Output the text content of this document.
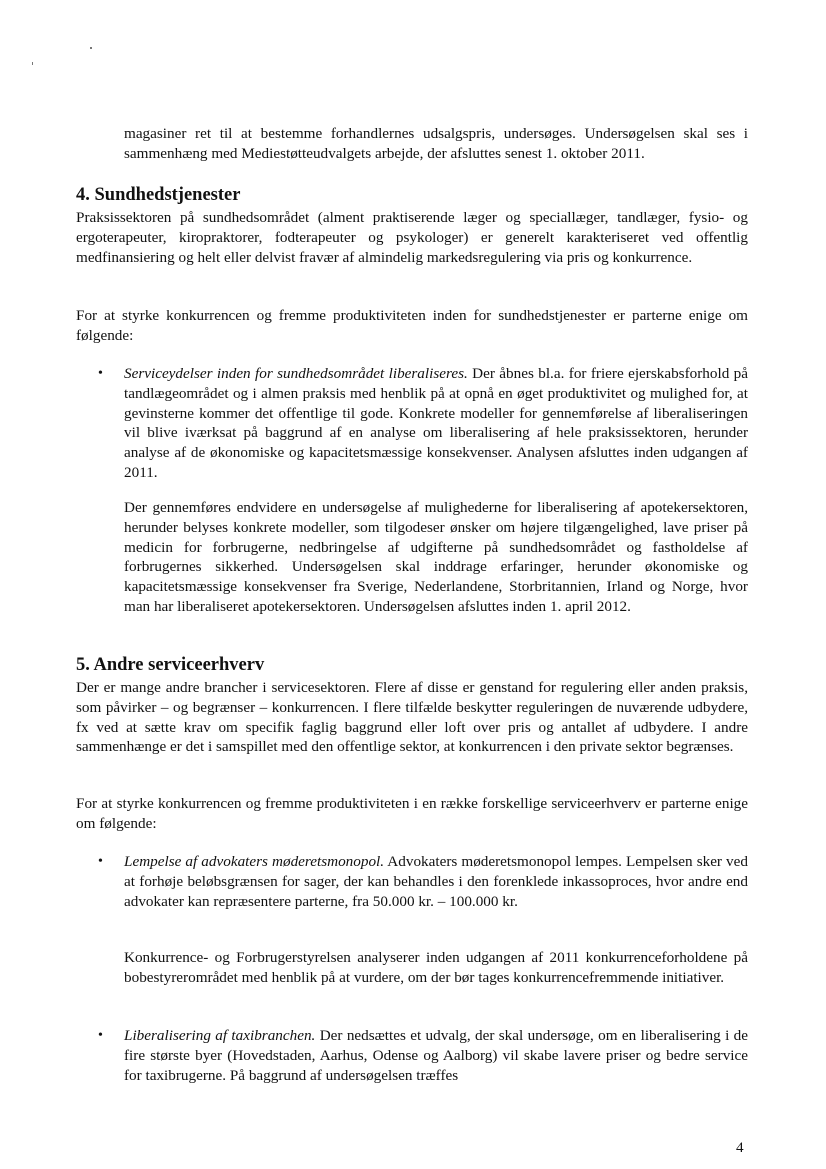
magasiner ret til at bestemme forhandlernes udsalgspris, undersøges. Undersøgelsen skal ses i sammenhæng med Mediestøtteudvalgets arbejde, der afsluttes senest 1. oktober 2011.
4. Sundhedstjenester
Praksissektoren på sundhedsområdet (alment praktiserende læger og speciallæger, tandlæger, fysio- og ergoterapeuter, kiropraktorer, fodterapeuter og psykologer) er generelt karakteriseret ved offentlig medfinansiering og helt eller delvist fravær af almindelig markedsregulering via pris og konkurrence.
For at styrke konkurrencen og fremme produktiviteten inden for sundhedstjenester er parterne enige om følgende:
• Serviceydelser inden for sundhedsområdet liberaliseres. Der åbnes bl.a. for friere ejerskabsforhold på tandlægeområdet og i almen praksis med henblik på at opnå en øget produktivitet og mulighed for, at gevinsterne kommer det offentlige til gode. Konkrete modeller for gennemførelse af liberaliseringen vil blive iværksat på baggrund af en analyse om liberalisering af hele praksissektoren, herunder analyse af de økonomiske og kapacitetsmæssige konsekvenser. Analysen afsluttes inden udgangen af 2011.
Der gennemføres endvidere en undersøgelse af mulighederne for liberalisering af apotekersektoren, herunder belyses konkrete modeller, som tilgodeser ønsker om højere tilgængelighed, lave priser på medicin for forbrugerne, nedbringelse af udgifterne på sundhedsområdet og fastholdelse af forbrugernes sikkerhed. Undersøgelsen skal inddrage erfaringer, herunder økonomiske og kapacitetsmæssige konsekvenser fra Sverige, Nederlandene, Storbritannien, Irland og Norge, hvor man har liberaliseret apotekersektoren. Undersøgelsen afsluttes inden 1. april 2012.
5. Andre serviceerhverv
Der er mange andre brancher i servicesektoren. Flere af disse er genstand for regulering eller anden praksis, som påvirker – og begrænser – konkurrencen. I flere tilfælde beskytter reguleringen de nuværende udbydere, fx ved at sætte krav om specifik faglig baggrund eller loft over pris og antallet af udbydere. I andre sammenhænge er det i samspillet med den offentlige sektor, at konkurrencen i den private sektor begrænses.
For at styrke konkurrencen og fremme produktiviteten i en række forskellige serviceerhverv er parterne enige om følgende:
• Lempelse af advokaters møderetsmonopol. Advokaters møderetsmonopol lempes. Lempelsen sker ved at forhøje beløbsgrænsen for sager, der kan behandles i den forenklede inkassoproces, hvor andre end advokater kan repræsentere parterne, fra 50.000 kr. – 100.000 kr.
Konkurrence- og Forbrugerstyrelsen analyserer inden udgangen af 2011 konkurrenceforholdene på bobestyrerområdet med henblik på at vurdere, om der bør tages konkurrencefremmende initiativer.
• Liberalisering af taxibranchen. Der nedsættes et udvalg, der skal undersøge, om en liberalisering i de fire største byer (Hovedstaden, Aarhus, Odense og Aalborg) vil skabe lavere priser og bedre service for taxibrugerne. På baggrund af undersøgelsen træffes
4
